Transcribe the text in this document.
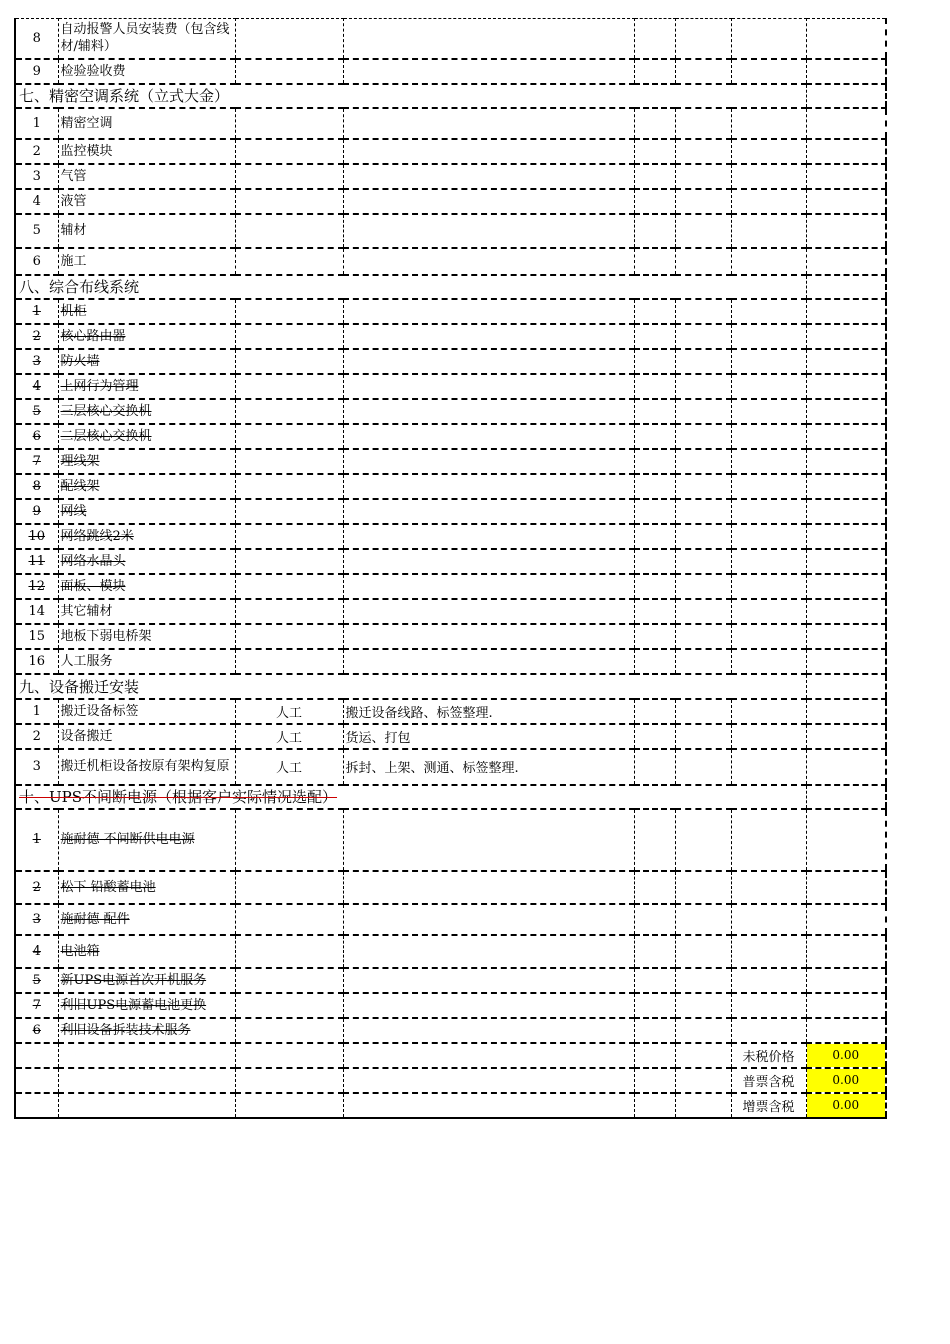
8	自动报警人员安装费（包含线材/辅料）						
9	检验验收费						
七、精密空调系统（立式大金）							
1	精密空调						
2	监控模块						
3	气管						
4	液管						
5	辅材						
6	施工						
八、综合布线系统							
1	机柜						
2	核心路由器						
3	防火墙						
4	上网行为管理						
5	三层核心交换机						
6	二层核心交换机						
7	理线架						
8	配线架						
9	网线						
10	网络跳线2米						
11	网络水晶头						
12	面板、模块						
14	其它辅材						
15	地板下弱电桥架						
16	人工服务						
九、设备搬迁安装							
1	搬迁设备标签	人工	搬迁设备线路、标签整理.				
2	设备搬迁	人工	货运、打包				
3	搬迁机柜设备按原有架构复原	人工	拆封、上架、测通、标签整理.				
十、UPS不间断电源（根据客户实际情况选配）							
1	施耐德 不间断供电电源						
2	松下 铅酸蓄电池						
3	施耐德 配件						
4	电池箱						
5	新UPS电源首次开机服务						
7	利旧UPS电源蓄电池更换						
6	利旧设备拆装技术服务						
						未税价格	0.00
						普票含税	0.00
						增票含税	0.00
